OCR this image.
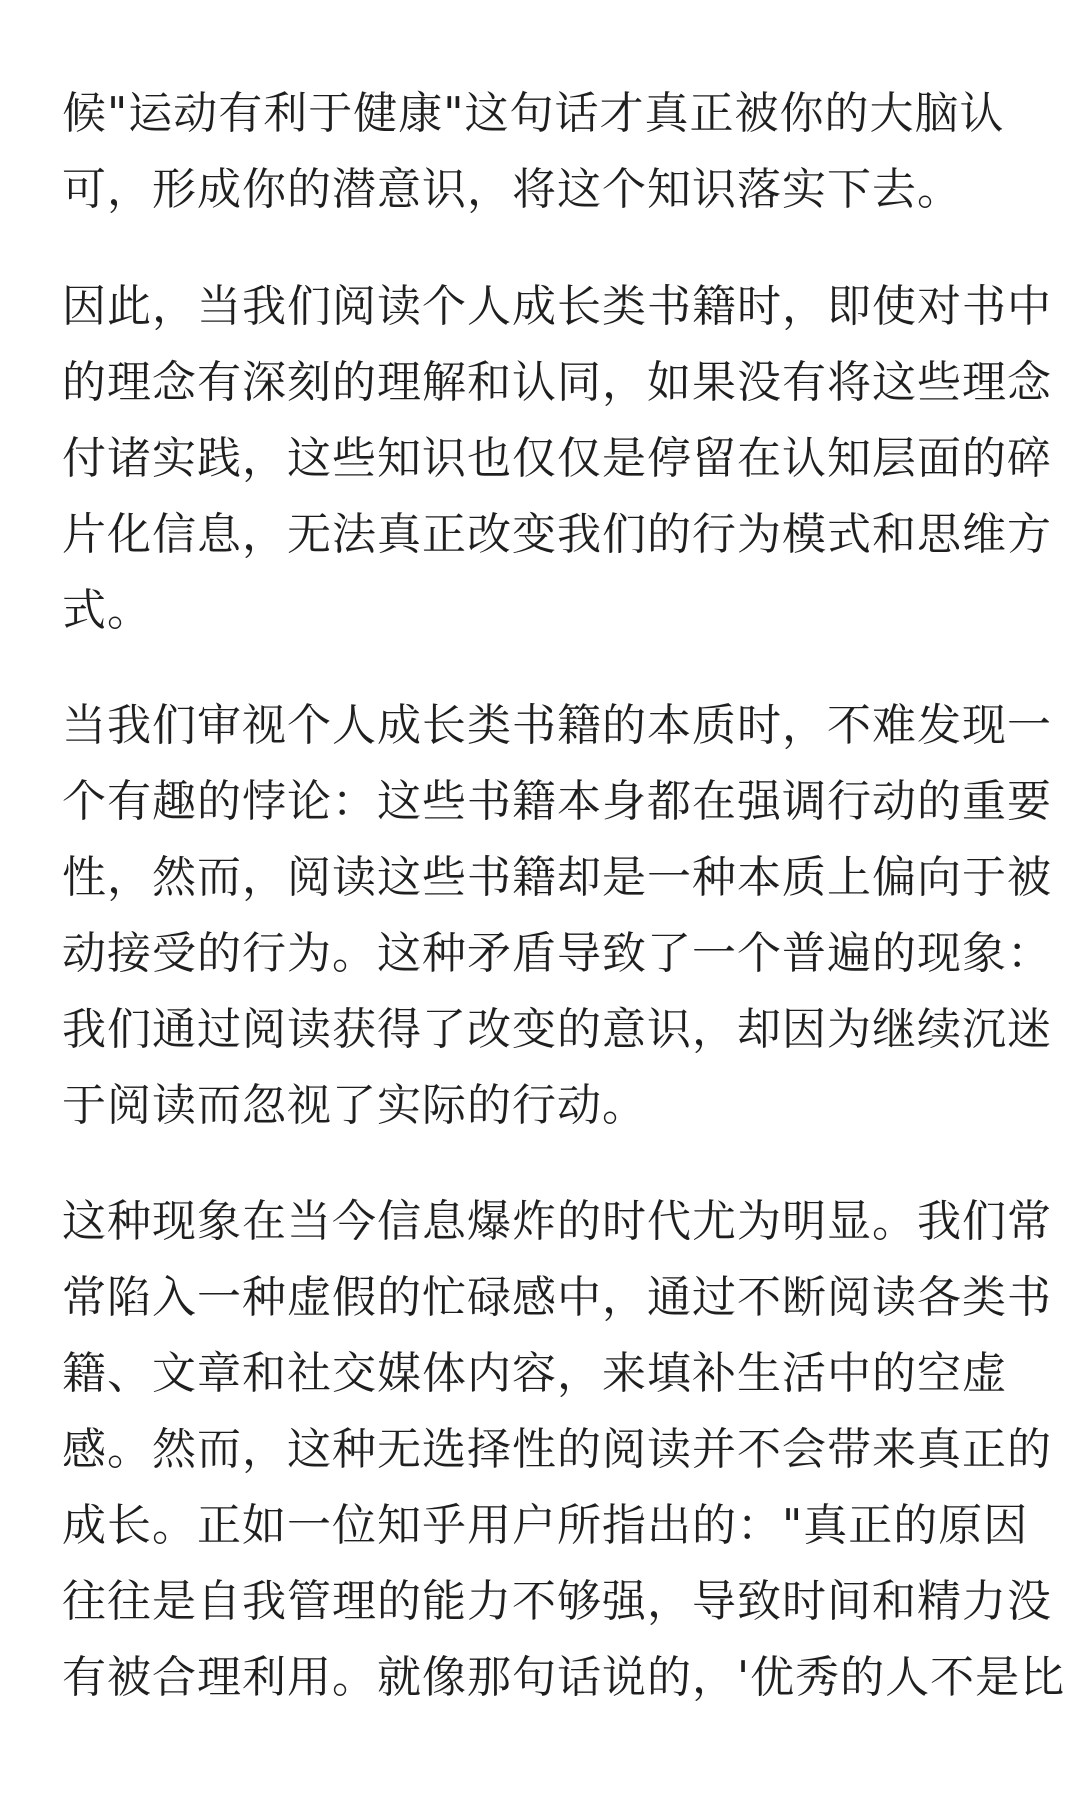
候"运动有利于健康"这句话才真正被你的大脑认
可，形成你的潜意识，将这个知识落实下去。
因此，当我们阅读个人成长类书籍时，即使对书中
的理念有深刻的理解和认同，如果没有将这些理念
付诸实践，这些知识也仅仅是停留在认知层面的碎
片化信息，无法真正改变我们的行为模式和思维方
式。
当我们审视个人成长类书籍的本质时，不难发现一
个有趣的悖论：这些书籍本身都在强调行动的重要
性，然而，阅读这些书籍却是一种本质上偏向于被
动接受的行为。这种矛盾导致了一个普遍的现象：
我们通过阅读获得了改变的意识，却因为继续沉迷
于阅读而忽视了实际的行动。
这种现象在当今信息爆炸的时代尤为明显。我们常
常陷入一种虚假的忙碌感中，通过不断阅读各类书
籍、文章和社交媒体内容，来填补生活中的空虚
感。然而，这种无选择性的阅读并不会带来真正的
成长。正如一位知乎用户所指出的："真正的原因
往往是自我管理的能力不够强，导致时间和精力没
有被合理利用。就像那句话说的，'优秀的人不是比
